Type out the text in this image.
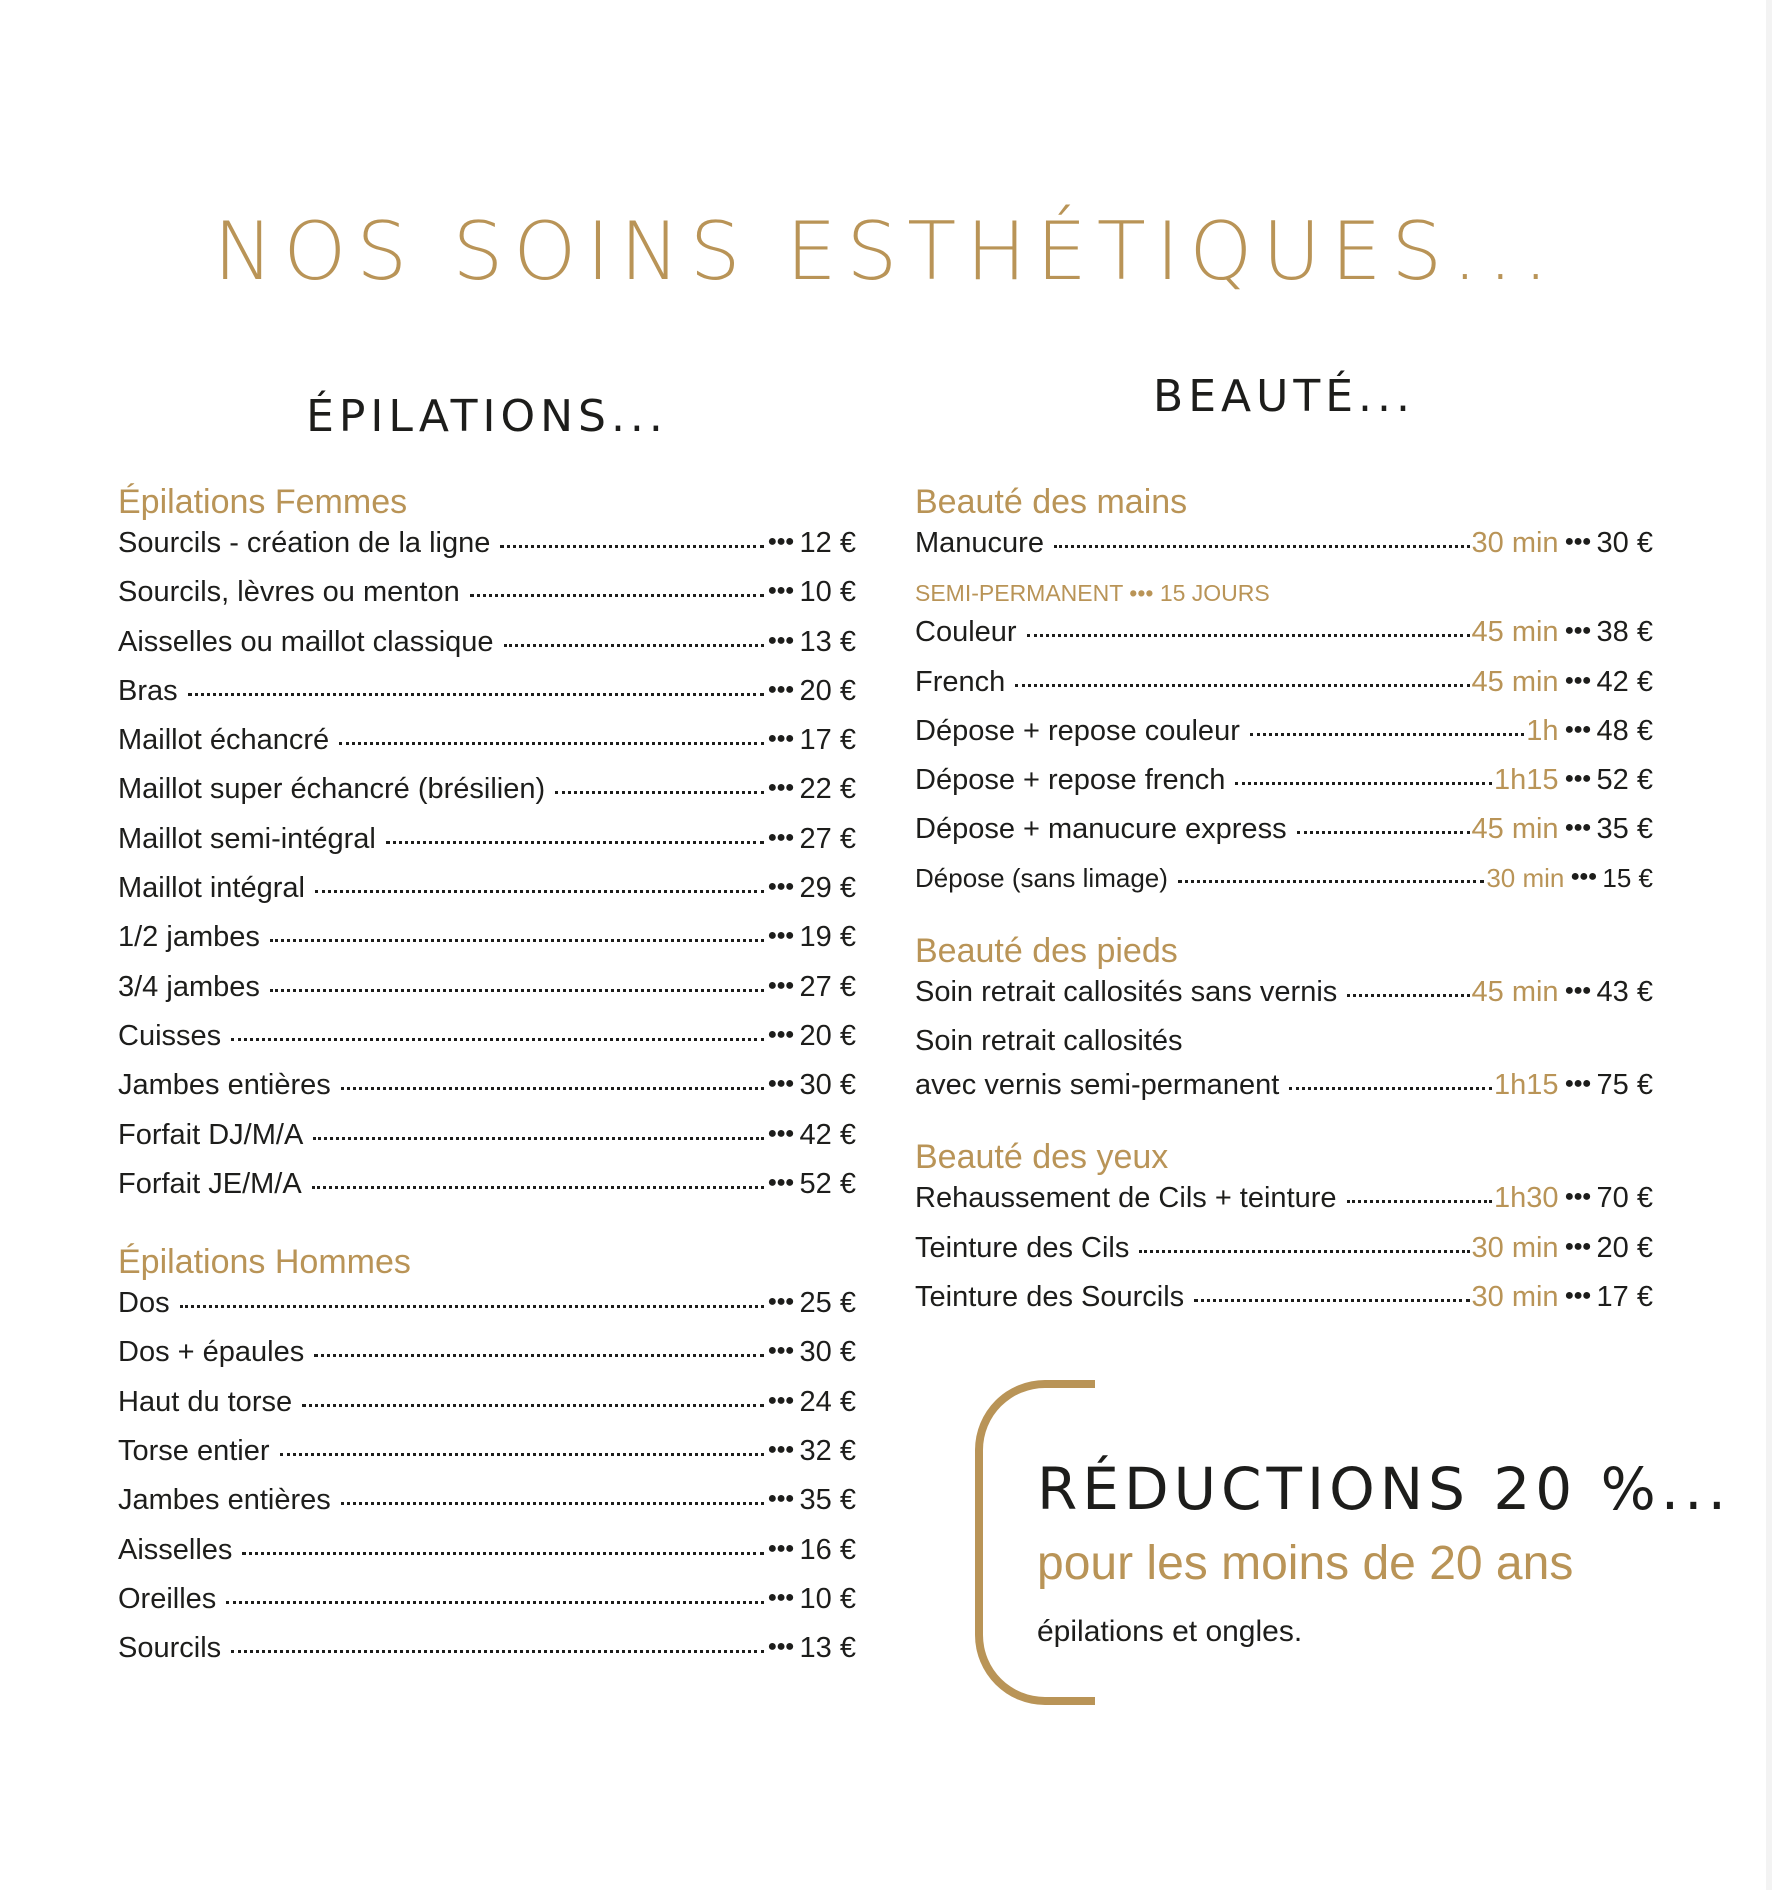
NOS SOINS ESTHÉTIQUES...
ÉPILATIONS...
Épilations Femmes
Sourcils - création de la ligne	●●● 12 €
Sourcils, lèvres ou menton	●●● 10 €
Aisselles ou maillot classique	●●● 13 €
Bras	●●● 20 €
Maillot échancré	●●● 17 €
Maillot super échancré (brésilien)	●●● 22 €
Maillot semi-intégral	●●● 27 €
Maillot intégral	●●● 29 €
1/2 jambes	●●● 19 €
3/4 jambes	●●● 27 €
Cuisses	●●● 20 €
Jambes entières	●●● 30 €
Forfait DJ/M/A	●●● 42 €
Forfait JE/M/A	●●● 52 €
Épilations Hommes
Dos	●●● 25 €
Dos + épaules	●●● 30 €
Haut du torse	●●● 24 €
Torse entier	●●● 32 €
Jambes entières	●●● 35 €
Aisselles	●●● 16 €
Oreilles	●●● 10 €
Sourcils	●●● 13 €
BEAUTÉ...
Beauté des mains
Manucure	30 min ●●● 30 €
SEMI-PERMANENT ••• 15 JOURS
Couleur	45 min ●●● 38 €
French	45 min ●●● 42 €
Dépose + repose couleur	1h ●●● 48 €
Dépose + repose french	1h15 ●●● 52 €
Dépose + manucure express	45 min ●●● 35 €
Dépose (sans limage)	30 min ●●● 15 €
Beauté des pieds
Soin retrait callosités sans vernis	45 min ●●● 43 €
Soin retrait callosités
avec vernis semi-permanent	1h15 ●●● 75 €
Beauté des yeux
Rehaussement de Cils + teinture	1h30 ●●● 70 €
Teinture des Cils	30 min ●●● 20 €
Teinture des Sourcils	30 min ●●● 17 €
RÉDUCTIONS 20 %...
pour les moins de 20 ans
épilations et ongles.
